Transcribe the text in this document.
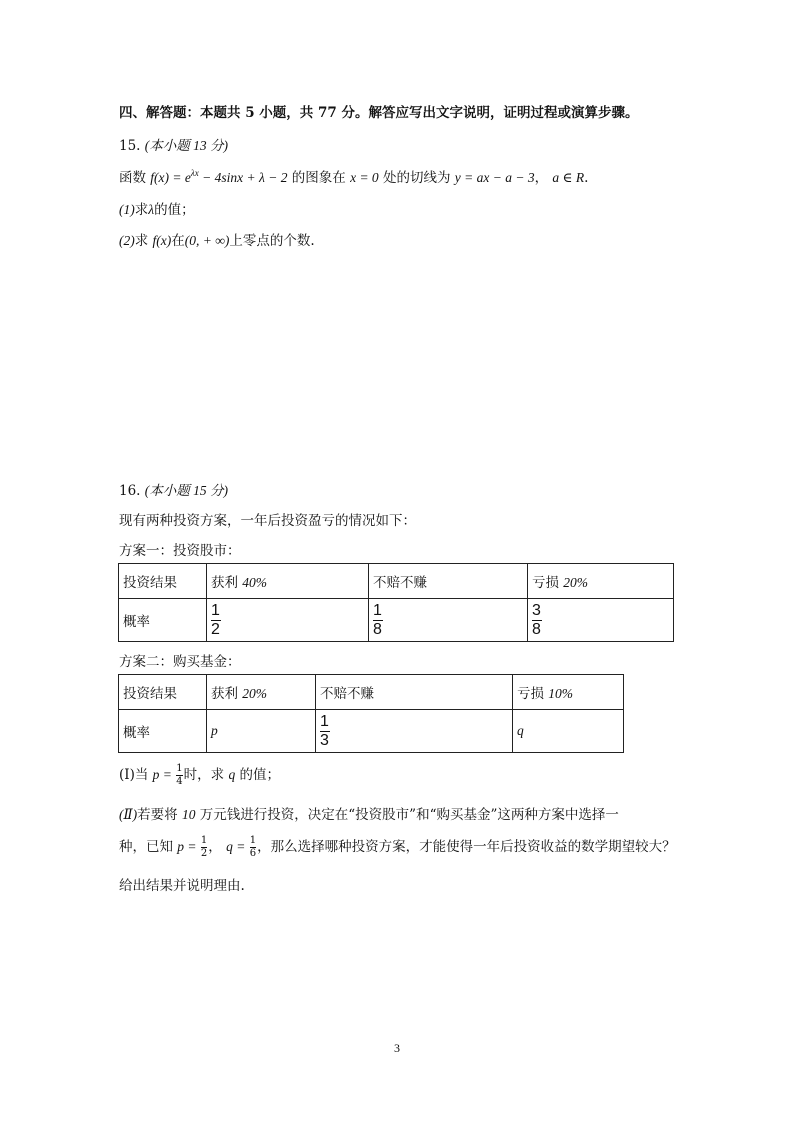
四、解答题：本题共 5 小题，共 77 分。解答应写出文字说明，证明过程或演算步骤。
15. (本小题 13 分)
函数 $f(x) = e^{\lambda x} - 4\sin x + \lambda - 2$ 的图象在 x = 0 处的切线为 y = ax − a − 3， a ∈ R.
(1)求λ的值；
(2)求 f(x)在(0, + ∞)上零点的个数.
16. (本小题 15 分)
现有两种投资方案，一年后投资盈亏的情况如下：
方案一：投资股市：
投资结果	获利 40%	不赔不赚	亏损 20%
概率	$\frac{1}{2}$	$\frac{1}{8}$	$\frac{3}{8}$
方案二：购买基金：
投资结果	获利 20%	不赔不赚	亏损 10%
概率	p	$\frac{1}{3}$	q
(Ⅰ)当 $p = \frac{1}{4}$ 时，求 q 的值；
(Ⅱ)若要将 10 万元钱进行投资，决定在“投资股市”和“购买基金”这两种方案中选择一
种，已知 $p = \frac{1}{2}$ ， $q = \frac{1}{6}$ ，那么选择哪种投资方案，才能使得一年后投资收益的数学期望较大？
给出结果并说明理由.
3
